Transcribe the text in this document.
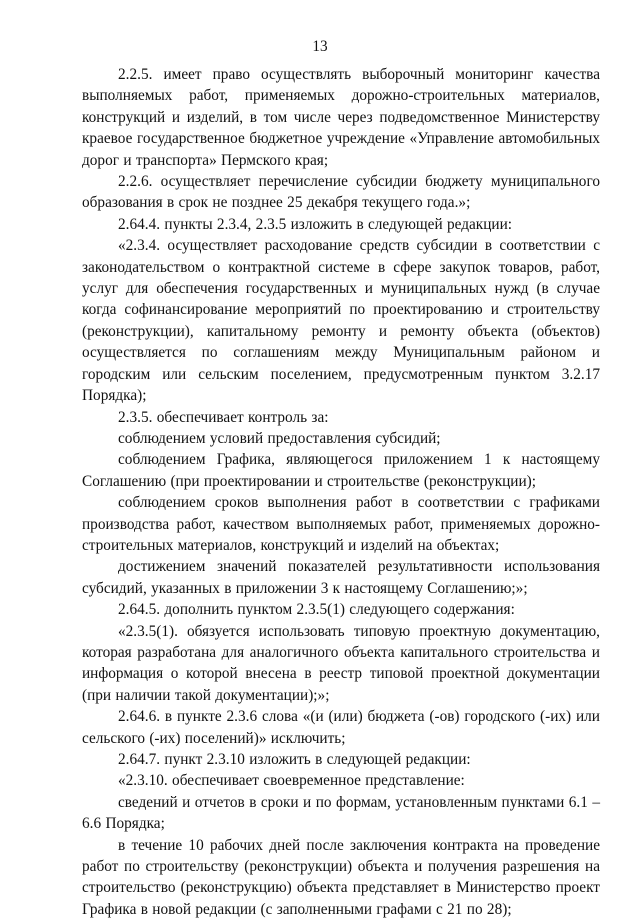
13

2.2.5. имеет право осуществлять выборочный мониторинг качества выполняемых работ, применяемых дорожно-строительных материалов, конструкций и изделий, в том числе через подведомственное Министерству краевое государственное бюджетное учреждение «Управление автомобильных дорог и транспорта» Пермского края;

2.2.6. осуществляет перечисление субсидии бюджету муниципального образования в срок не позднее 25 декабря текущего года.»;

2.64.4. пункты 2.3.4, 2.3.5 изложить в следующей редакции:

«2.3.4. осуществляет расходование средств субсидии в соответствии с законодательством о контрактной системе в сфере закупок товаров, работ, услуг для обеспечения государственных и муниципальных нужд (в случае когда софинансирование мероприятий по проектированию и строительству (реконструкции), капитальному ремонту и ремонту объекта (объектов) осуществляется по соглашениям между Муниципальным районом и городским или сельским поселением, предусмотренным пунктом 3.2.17 Порядка);

2.3.5. обеспечивает контроль за:

соблюдением условий предоставления субсидий;

соблюдением Графика, являющегося приложением 1 к настоящему Соглашению (при проектировании и строительстве (реконструкции);

соблюдением сроков выполнения работ в соответствии с графиками производства работ, качеством выполняемых работ, применяемых дорожно-строительных материалов, конструкций и изделий на объектах;

достижением значений показателей результативности использования субсидий, указанных в приложении 3 к настоящему Соглашению;»;

2.64.5. дополнить пунктом 2.3.5(1) следующего содержания:

«2.3.5(1). обязуется использовать типовую проектную документацию, которая разработана для аналогичного объекта капитального строительства и информация о которой внесена в реестр типовой проектной документации (при наличии такой документации);»;

2.64.6. в пункте 2.3.6 слова «(и (или) бюджета (-ов) городского (-их) или сельского (-их) поселений)» исключить;

2.64.7. пункт 2.3.10 изложить в следующей редакции:

«2.3.10. обеспечивает своевременное представление:

сведений и отчетов в сроки и по формам, установленным пунктами 6.1 – 6.6 Порядка;

в течение 10 рабочих дней после заключения контракта на проведение работ по строительству (реконструкции) объекта и получения разрешения на строительство (реконструкцию) объекта представляет в Министерство проект Графика в новой редакции (с заполненными графами с 21 по 28);
